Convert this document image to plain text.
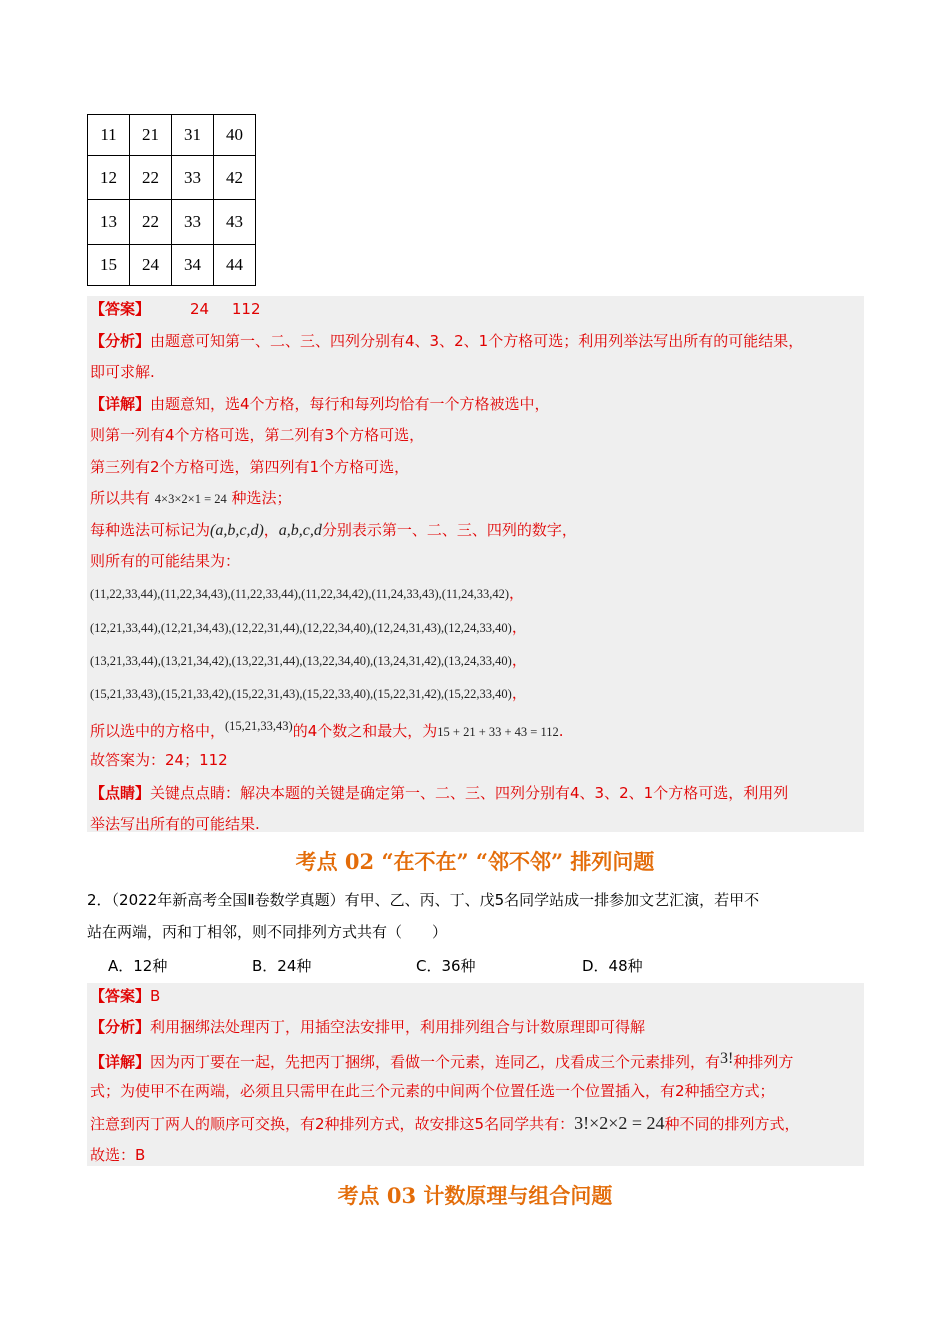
11	21	31	40
12	22	33	42
13	22	33	43
15	24	34	44
【答案】	24 112
【分析】由题意可知第一、二、三、四列分别有4、3、2、1个方格可选；利用列举法写出所有的可能结果，
即可求解.
【详解】由题意知，选4个方格，每行和每列均恰有一个方格被选中，
则第一列有4个方格可选，第二列有3个方格可选，
第三列有2个方格可选，第四列有1个方格可选，
所以共有 4×3×2×1 = 24 种选法；
每种选法可标记为(a,b,c,d)，a,b,c,d分别表示第一、二、三、四列的数字，
则所有的可能结果为：
(11,22,33,44),(11,22,34,43),(11,22,33,44),(11,22,34,42),(11,24,33,43),(11,24,33,42)，
(12,21,33,44),(12,21,34,43),(12,22,31,44),(12,22,34,40),(12,24,31,43),(12,24,33,40)，
(13,21,33,44),(13,21,34,42),(13,22,31,44),(13,22,34,40),(13,24,31,42),(13,24,33,40)，
(15,21,33,43),(15,21,33,42),(15,22,31,43),(15,22,33,40),(15,22,31,42),(15,22,33,40)，
所以选中的方格中，$^{(15,21,33,43)}$的4个数之和最大，为15 + 21 + 33 + 43 = 112.
故答案为：24；112
【点睛】关键点点睛：解决本题的关键是确定第一、二、三、四列分别有4、3、2、1个方格可选，利用列
举法写出所有的可能结果.
考点 02 “在不在” “邻不邻” 排列问题
2．（2022年新高考全国Ⅱ卷数学真题）有甲、乙、丙、丁、戊5名同学站成一排参加文艺汇演，若甲不
站在两端，丙和丁相邻，则不同排列方式共有（　　）
A．12种	B．24种	C．36种	D．48种
【答案】B
【分析】利用捆绑法处理丙丁，用插空法安排甲，利用排列组合与计数原理即可得解
【详解】因为丙丁要在一起，先把丙丁捆绑，看做一个元素，连同乙，戊看成三个元素排列，有3!种排列方
式；为使甲不在两端，必须且只需甲在此三个元素的中间两个位置任选一个位置插入，有2种插空方式；
注意到丙丁两人的顺序可交换，有2种排列方式，故安排这5名同学共有：3!×2×2 = 24种不同的排列方式，
故选：B
考点 03 计数原理与组合问题
